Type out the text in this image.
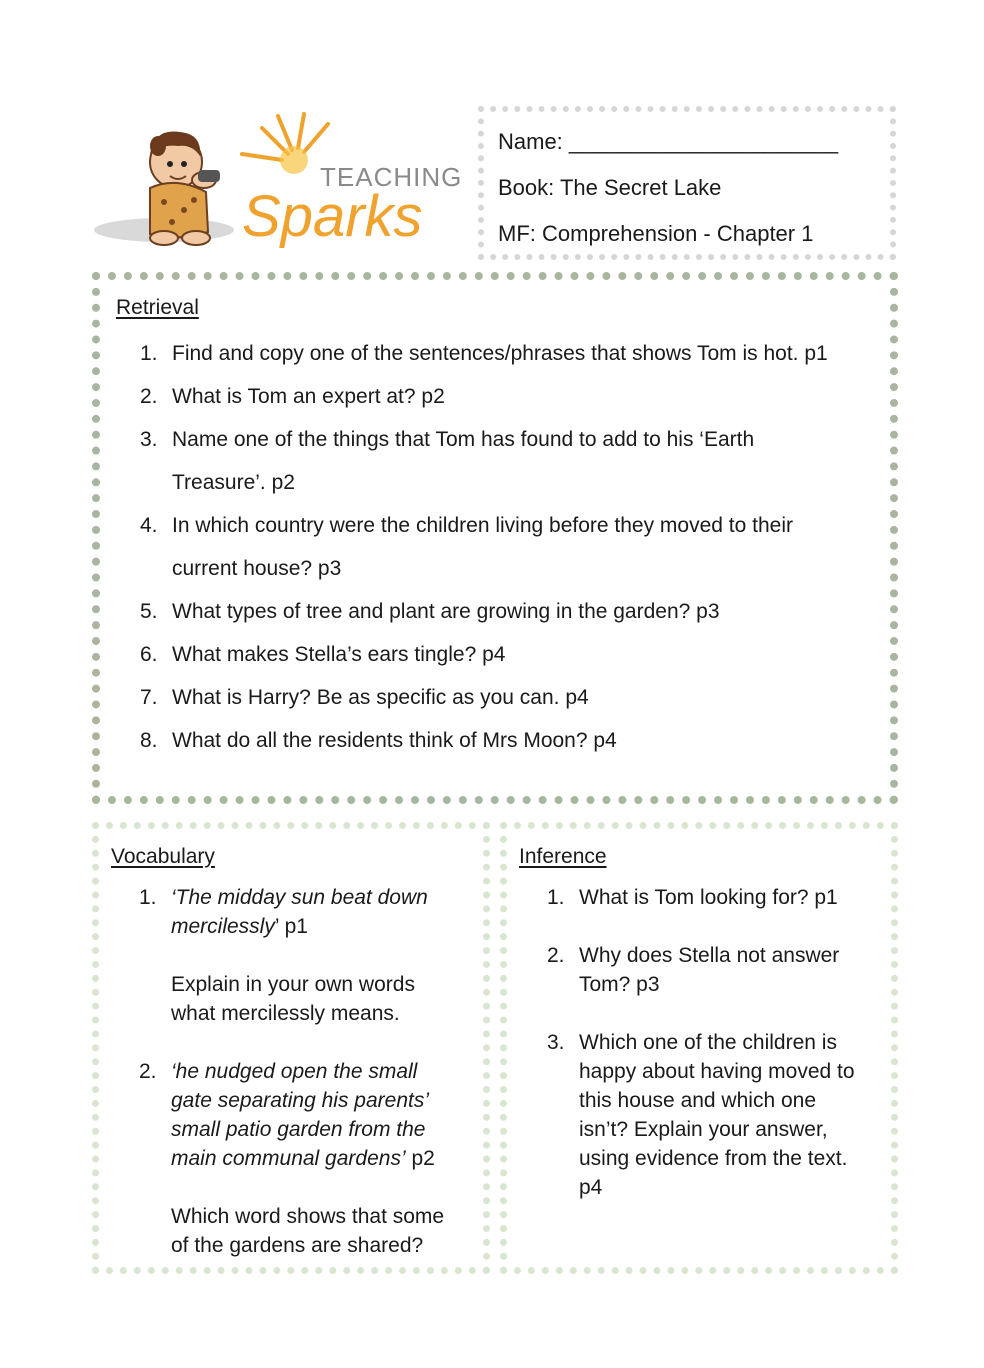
TEACHING
Sparks
Name: ______________________
Book: The Secret Lake
MF: Comprehension - Chapter 1
Retrieval
1. Find and copy one of the sentences/phrases that shows Tom is hot. p1
2. What is Tom an expert at? p2
3. Name one of the things that Tom has found to add to his ‘Earth
Treasure’. p2
4. In which country were the children living before they moved to their
current house? p3
5. What types of tree and plant are growing in the garden? p3
6. What makes Stella’s ears tingle? p4
7. What is Harry? Be as specific as you can. p4
8. What do all the residents think of Mrs Moon? p4
Vocabulary
1. ‘The midday sun beat down
mercilessly’ p1
Explain in your own words
what mercilessly means.
2. ‘he nudged open the small
gate separating his parents’
small patio garden from the
main communal gardens’ p2
Which word shows that some
of the gardens are shared?
Inference
1. What is Tom looking for? p1
2. Why does Stella not answer
Tom? p3
3. Which one of the children is
happy about having moved to
this house and which one
isn’t? Explain your answer,
using evidence from the text.
p4
